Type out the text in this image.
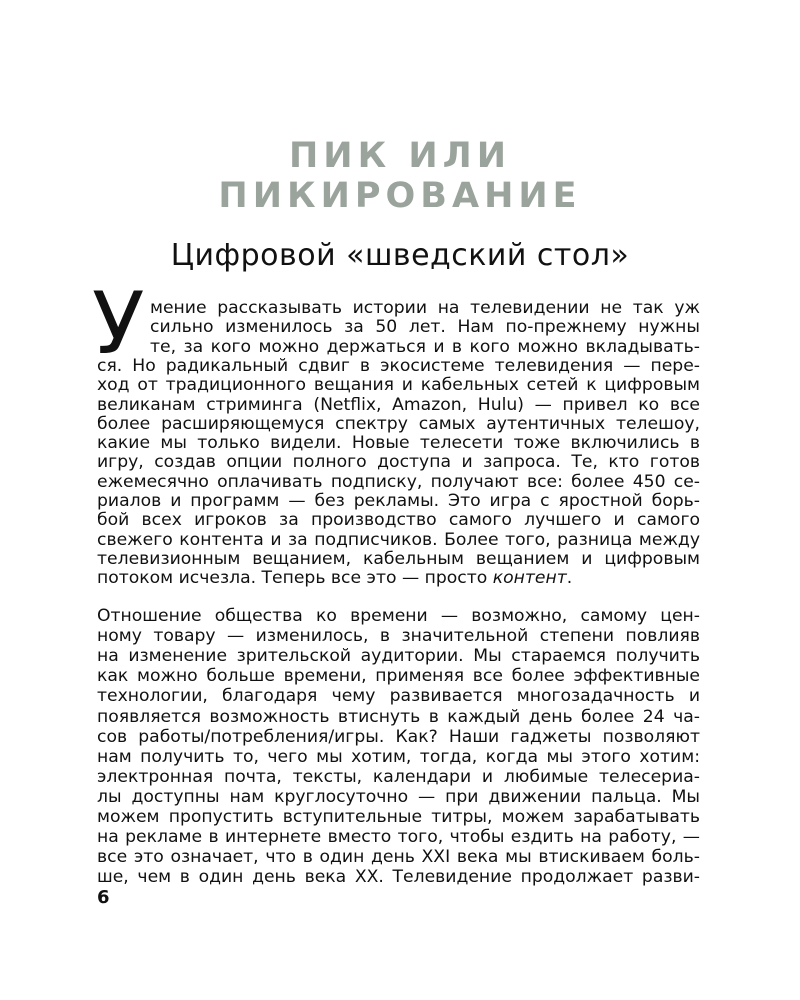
ПИК ИЛИ
ПИКИРОВАНИЕ
Цифровой «шведский стол»
У мение рассказывать истории на телевидении не так уж
сильно изменилось за 50 лет. Нам по-прежнему нужны
те, за кого можно держаться и в кого можно вкладывать-
ся. Но радикальный сдвиг в экосистеме телевидения — пере-
ход от традиционного вещания и кабельных сетей к цифровым
великанам стриминга (Netflix, Amazon, Hulu) — привел ко все
более расширяющемуся спектру самых аутентичных телешоу,
какие мы только видели. Новые телесети тоже включились в
игру, создав опции полного доступа и запроса. Те, кто готов
ежемесячно оплачивать подписку, получают все: более 450 се-
риалов и программ — без рекламы. Это игра с яростной борь-
бой всех игроков за производство самого лучшего и самого
свежего контента и за подписчиков. Более того, разница между
телевизионным вещанием, кабельным вещанием и цифровым
потоком исчезла. Теперь все это — просто контент.
Отношение общества ко времени — возможно, самому цен-
ному товару — изменилось, в значительной степени повлияв
на изменение зрительской аудитории. Мы стараемся получить
как можно больше времени, применяя все более эффективные
технологии, благодаря чему развивается многозадачность и
появляется возможность втиснуть в каждый день более 24 ча-
сов работы/потребления/игры. Как? Наши гаджеты позволяют
нам получить то, чего мы хотим, тогда, когда мы этого хотим:
электронная почта, тексты, календари и любимые телесериа-
6
лы доступны нам круглосуточно — при движении пальца. Мы
можем пропустить вступительные титры, можем зарабатывать
на рекламе в интернете вместо того, чтобы ездить на работу, —
все это означает, что в один день XXI века мы втискиваем боль-
ше, чем в один день века XX. Телевидение продолжает разви-
